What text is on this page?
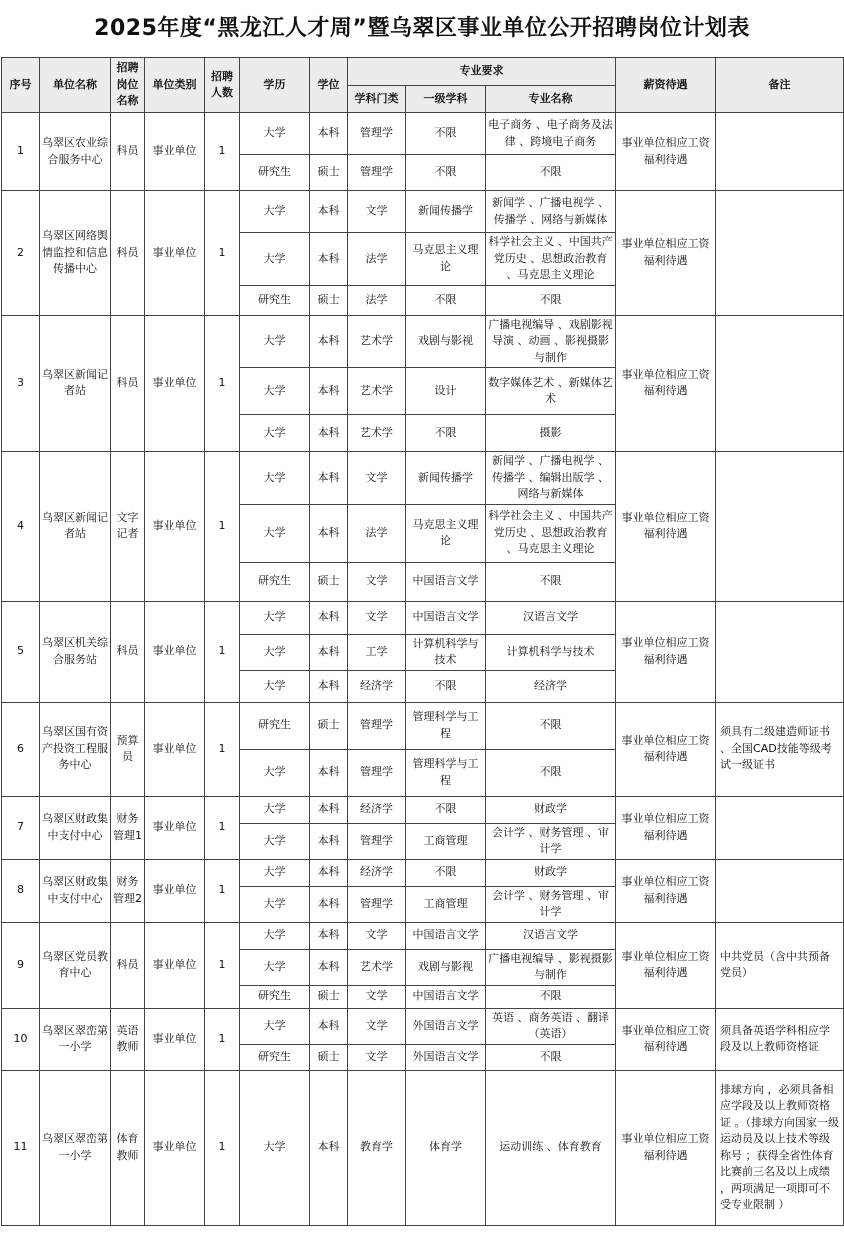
2025年度“黑龙江人才周”暨乌翠区事业单位公开招聘岗位计划表
序号	单位名称	招聘岗位名称	单位类别	招聘人数	学历	学位	专业要求			薪资待遇	备注
							学科门类	一级学科	专业名称		
1	乌翠区农业综合服务中心	科员	事业单位	1	大学	本科	管理学	不限	电子商务 、电子商务及法律 、跨境电子商务	事业单位相应工资福利待遇	
					研究生	硕士	管理学	不限	不限		
2	乌翠区网络舆情监控和信息传播中心	科员	事业单位	1	大学	本科	文学	新闻传播学	新闻学 、广播电视学 、传播学 、网络与新媒体	事业单位相应工资福利待遇	
					大学	本科	法学	马克思主义理论	科学社会主义 、中国共产党历史 、思想政治教育 、马克思主义理论		
					研究生	硕士	法学	不限	不限		
3	乌翠区新闻记者站	科员	事业单位	1	大学	本科	艺术学	戏剧与影视	广播电视编导 、戏剧影视导演 、动画 、影视摄影与制作	事业单位相应工资福利待遇	
					大学	本科	艺术学	设计	数字媒体艺术 、新媒体艺术		
					大学	本科	艺术学	不限	摄影		
4	乌翠区新闻记者站	文字记者	事业单位	1	大学	本科	文学	新闻传播学	新闻学 、广播电视学 、传播学 、编辑出版学 、网络与新媒体	事业单位相应工资福利待遇	
					大学	本科	法学	马克思主义理论	科学社会主义 、中国共产党历史 、思想政治教育 、马克思主义理论		
					研究生	硕士	文学	中国语言文学	不限		
5	乌翠区机关综合服务站	科员	事业单位	1	大学	本科	文学	中国语言文学	汉语言文学	事业单位相应工资福利待遇	
					大学	本科	工学	计算机科学与技术	计算机科学与技术		
					大学	本科	经济学	不限	经济学		
6	乌翠区国有资产投资工程服务中心	预算员	事业单位	1	研究生	硕士	管理学	管理科学与工程	不限	事业单位相应工资福利待遇	须具有二级建造师证书 、全国CAD技能等级考试一级证书
					大学	本科	管理学	管理科学与工程	不限		
7	乌翠区财政集中支付中心	财务管理1	事业单位	1	大学	本科	经济学	不限	财政学	事业单位相应工资福利待遇	
					大学	本科	管理学	工商管理	会计学 、财务管理 、审计学		
8	乌翠区财政集中支付中心	财务管理2	事业单位	1	大学	本科	经济学	不限	财政学	事业单位相应工资福利待遇	
					大学	本科	管理学	工商管理	会计学 、财务管理 、审计学		
9	乌翠区党员教育中心	科员	事业单位	1	大学	本科	文学	中国语言文学	汉语言文学	事业单位相应工资福利待遇	中共党员（含中共预备党员）
					大学	本科	艺术学	戏剧与影视	广播电视编导 、影视摄影与制作		
					研究生	硕士	文学	中国语言文学	不限		
10	乌翠区翠峦第一小学	英语教师	事业单位	1	大学	本科	文学	外国语言文学	英语 、商务英语 、翻译（英语）	事业单位相应工资福利待遇	须具备英语学科相应学段及以上教师资格证
					研究生	硕士	文学	外国语言文学	不限		
11	乌翠区翠峦第一小学	体育教师	事业单位	1	大学	本科	教育学	体育学	运动训练 、体育教育	事业单位相应工资福利待遇	排球方向 ，必须具备相应学段及以上教师资格证 。（排球方向国家一级运动员及以上技术等级称号 ；获得全省性体育比赛前三名及以上成绩 ，两项满足一项即可不受专业限制 ）
